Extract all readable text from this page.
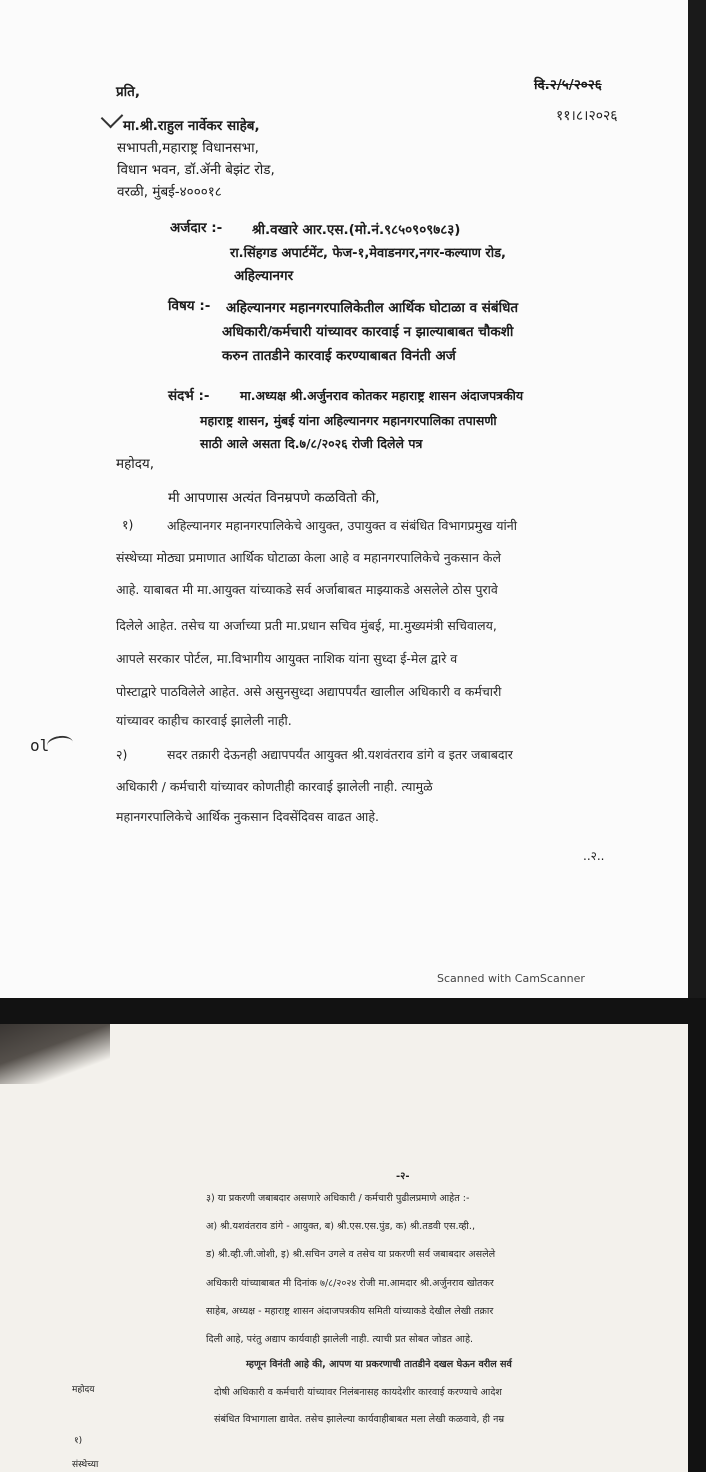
प्रति,
मा.श्री.राहुल नार्वेकर साहेब,
सभापती,महाराष्ट्र विधानसभा,
विधान भवन, डॉ.ॲनी बेझंट रोड,
वरळी, मुंबई-४०००१८
दि.२/५/२०२६
११।८।२०२६
अर्जदार :- श्री.वखारे आर.एस.(मो.नं.९८५०९०९७८३)
रा.सिंहगड अपार्टमेंट, फेज-१,मेवाडनगर,नगर-कल्याण रोड,
अहिल्यानगर
विषय :- अहिल्यानगर महानगरपालिकेतील आर्थिक घोटाळा व संबंधित
अधिकारी/कर्मचारी यांच्यावर कारवाई न झाल्याबाबत चौकशी
करुन तातडीने कारवाई करण्याबाबत विनंती अर्ज
संदर्भ :- मा.अध्यक्ष श्री.अर्जुनराव कोतकर महाराष्ट्र शासन अंदाजपत्रकीय
महाराष्ट्र शासन, मुंबई यांना अहिल्यानगर महानगरपालिका तपासणी
साठी आले असता दि.७/८/२०२६ रोजी दिलेले पत्र
महोदय,
मी आपणास अत्यंत विनम्रपणे कळवितो की,
१)	अहिल्यानगर महानगरपालिकेचे आयुक्त, उपायुक्त व संबंधित विभागप्रमुख यांनी
संस्थेच्या मोठ्या प्रमाणात आर्थिक घोटाळा केला आहे व महानगरपालिकेचे नुकसान केले
आहे. याबाबत मी मा.आयुक्त यांच्याकडे सर्व अर्जाबाबत माझ्याकडे असलेले ठोस पुरावे
दिलेले आहेत. तसेच या अर्जाच्या प्रती मा.प्रधान सचिव मुंबई, मा.मुख्यमंत्री सचिवालय,
आपले सरकार पोर्टल, मा.विभागीय आयुक्त नाशिक यांना सुध्दा ई-मेल द्वारे व
पोस्टाद्वारे पाठविलेले आहेत. असे असुनसुध्दा अद्यापपर्यंत खालील अधिकारी व कर्मचारी
यांच्यावर काहीच कारवाई झालेली नाही.
ol	२)	सदर तक्रारी देऊनही अद्यापपर्यंत आयुक्त श्री.यशवंतराव डांगे व इतर जबाबदार
अधिकारी / कर्मचारी यांच्यावर कोणतीही कारवाई झालेली नाही. त्यामुळे
महानगरपालिकेचे आर्थिक नुकसान दिवसेंदिवस वाढत आहे.
..२..
Scanned with CamScanner
-२-
३) या प्रकरणी जबाबदार असणारे अधिकारी / कर्मचारी पुढीलप्रमाणे आहेत :-
अ) श्री.यशवंतराव डांगे - आयुक्त, ब) श्री.एस.एस.पुंड, क) श्री.तडवी एस.व्ही.,
ड) श्री.व्ही.जी.जोशी, इ) श्री.सचिन उगले व तसेच या प्रकरणी सर्व जबाबदार असलेले
अधिकारी यांच्याबाबत मी दिनांक ७/८/२०२४ रोजी मा.आमदार श्री.अर्जुनराव खोतकर
साहेब, अध्यक्ष - महाराष्ट्र शासन अंदाजपत्रकीय समिती यांच्याकडे देखील लेखी तक्रार
दिली आहे, परंतु अद्याप कार्यवाही झालेली नाही. त्याची प्रत सोबत जोडत आहे.
म्हणून विनंती आहे की, आपण या प्रकरणाची तातडीने दखल घेऊन वरील सर्व
दोषी अधिकारी व कर्मचारी यांच्यावर निलंबनासह कायदेशीर कारवाई करण्याचे आदेश
संबंधित विभागाला द्यावेत. तसेच झालेल्या कार्यवाहीबाबत मला लेखी कळवावे, ही नम्र
महोदय
१)
संस्थेच्या
